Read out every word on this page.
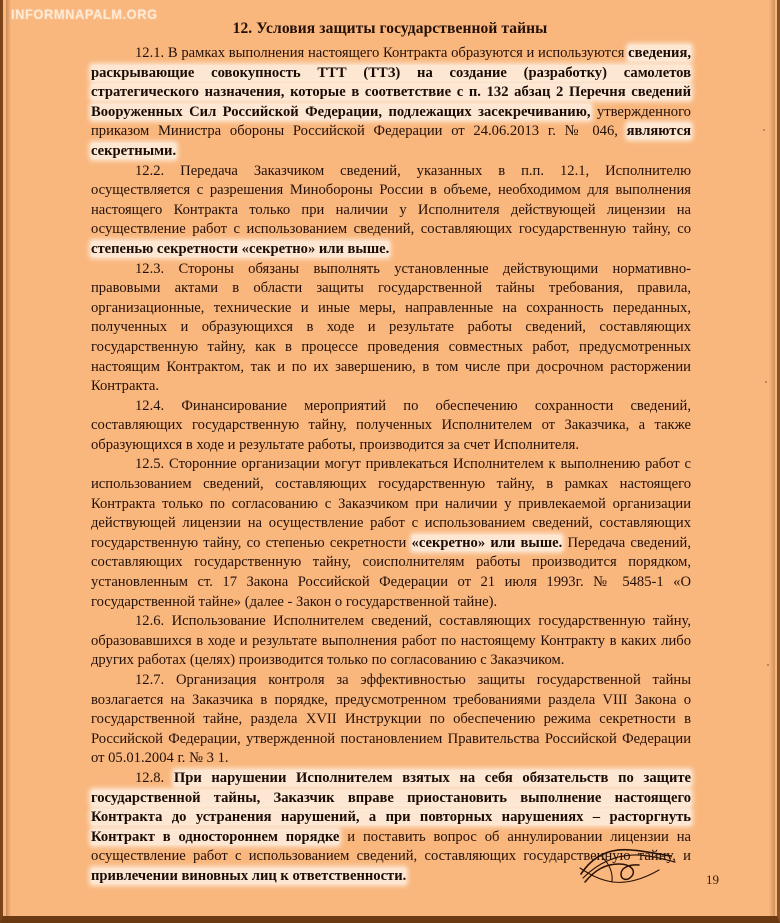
INFORMNAPALM.ORG
12. Условия защиты государственной тайны

12.1. В рамках выполнения настоящего Контракта образуются и используются сведения, раскрывающие совокупность ТТТ (ТТЗ) на создание (разработку) самолетов стратегического назначения, которые в соответствие с п. 132 абзац 2 Перечня сведений Вооруженных Сил Российской Федерации, подлежащих засекречиванию, утвержденного приказом Министра обороны Российской Федерации от 24.06.2013 г. № 046, являются секретными.

12.2. Передача Заказчиком сведений, указанных в п.п. 12.1, Исполнителю осуществляется с разрешения Минобороны России в объеме, необходимом для выполнения настоящего Контракта только при наличии у Исполнителя действующей лицензии на осуществление работ с использованием сведений, составляющих государственную тайну, со степенью секретности «секретно» или выше.

12.3. Стороны обязаны выполнять установленные действующими нормативно-правовыми актами в области защиты государственной тайны требования, правила, организационные, технические и иные меры, направленные на сохранность переданных, полученных и образующихся в ходе и результате работы сведений, составляющих государственную тайну, как в процессе проведения совместных работ, предусмотренных настоящим Контрактом, так и по их завершению, в том числе при досрочном расторжении Контракта.

12.4. Финансирование мероприятий по обеспечению сохранности сведений, составляющих государственную тайну, полученных Исполнителем от Заказчика, а также образующихся в ходе и результате работы, производится за счет Исполнителя.

12.5. Сторонние организации могут привлекаться Исполнителем к выполнению работ с использованием сведений, составляющих государственную тайну, в рамках настоящего Контракта только по согласованию с Заказчиком при наличии у привлекаемой организации действующей лицензии на осуществление работ с использованием сведений, составляющих государственную тайну, со степенью секретности «секретно» или выше. Передача сведений, составляющих государственную тайну, соисполнителям работы производится порядком, установленным ст. 17 Закона Российской Федерации от 21 июля 1993г. № 5485-1 «О государственной тайне» (далее - Закон о государственной тайне).

12.6. Использование Исполнителем сведений, составляющих государственную тайну, образовавшихся в ходе и результате выполнения работ по настоящему Контракту в каких либо других работах (целях) производится только по согласованию с Заказчиком.

12.7. Организация контроля за эффективностью защиты государственной тайны возлагается на Заказчика в порядке, предусмотренном требованиями раздела VIII Закона о государственной тайне, раздела XVII Инструкции по обеспечению режима секретности в Российской Федерации, утвержденной постановлением Правительства Российской Федерации от 05.01.2004 г. № 3 1.

12.8. При нарушении Исполнителем взятых на себя обязательств по защите государственной тайны, Заказчик вправе приостановить выполнение настоящего Контракта до устранения нарушений, а при повторных нарушениях – расторгнуть Контракт в одностороннем порядке и поставить вопрос об аннулировании лицензии на осуществление работ с использованием сведений, составляющих государственную тайну, и привлечении виновных лиц к ответственности.	19
